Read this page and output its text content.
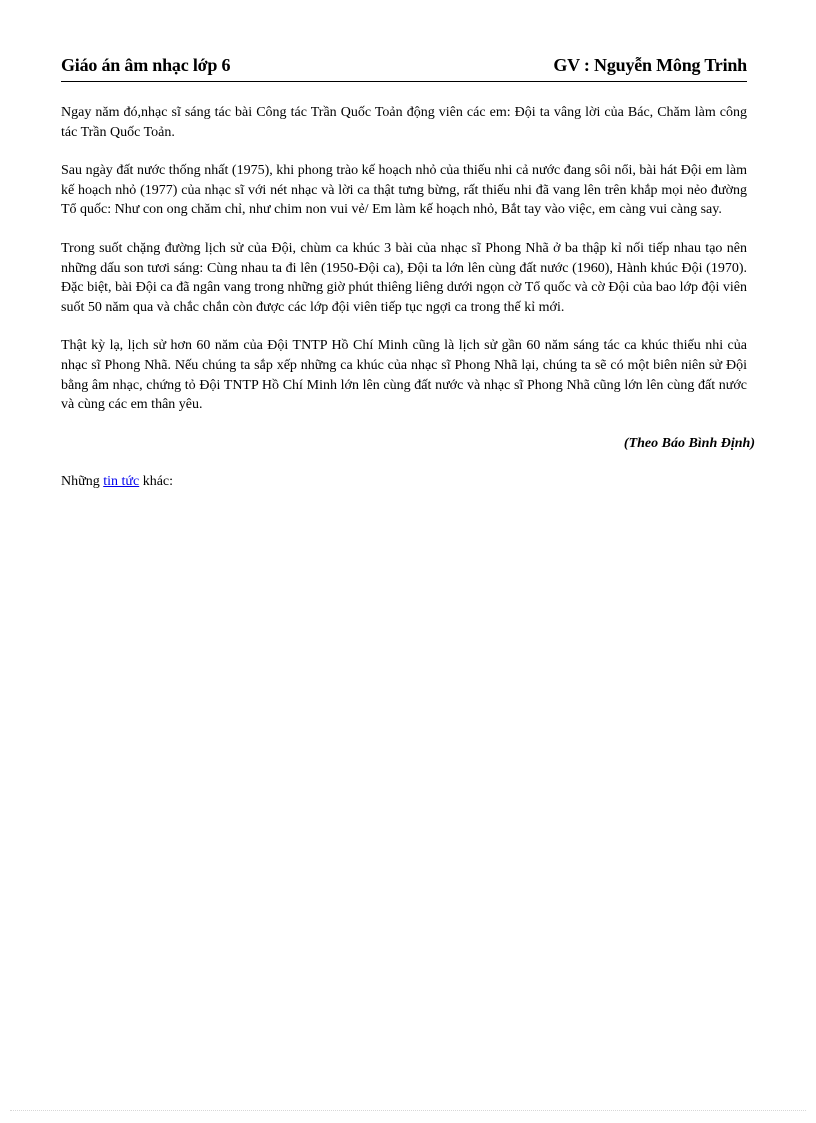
Giáo án âm nhạc lớp 6	GV : Nguyễn Mông Trinh

Ngay năm đó,nhạc sĩ sáng tác bài Công tác Trần Quốc Toản động viên các em: Đội ta vâng lời của Bác, Chăm làm công tác Trần Quốc Toản.

Sau ngày đất nước thống nhất (1975), khi phong trào kế hoạch nhỏ của thiếu nhi cả nước đang sôi nổi, bài hát Đội em làm kế hoạch nhỏ (1977) của nhạc sĩ với nét nhạc và lời ca thật tưng bừng, rất thiếu nhi đã vang lên trên khắp mọi nẻo đường Tổ quốc: Như con ong chăm chỉ, như chim non vui vẻ/ Em làm kế hoạch nhỏ, Bắt tay vào việc, em càng vui càng say.

Trong suốt chặng đường lịch sử của Đội, chùm ca khúc 3 bài của nhạc sĩ Phong Nhã ở ba thập kỉ nối tiếp nhau tạo nên những dấu son tươi sáng: Cùng nhau ta đi lên (1950-Đội ca), Đội ta lớn lên cùng đất nước (1960), Hành khúc Đội (1970). Đặc biệt, bài Đội ca đã ngân vang trong những giờ phút thiêng liêng dưới ngọn cờ Tổ quốc và cờ Đội của bao lớp đội viên suốt 50 năm qua và chắc chắn còn được các lớp đội viên tiếp tục ngợi ca trong thế kỉ mới.

Thật kỳ lạ, lịch sử hơn 60 năm của Đội TNTP Hồ Chí Minh cũng là lịch sử gần 60 năm sáng tác ca khúc thiếu nhi của nhạc sĩ Phong Nhã. Nếu chúng ta sắp xếp những ca khúc của nhạc sĩ Phong Nhã lại, chúng ta sẽ có một biên niên sử Đội bằng âm nhạc, chứng tỏ Đội TNTP Hồ Chí Minh lớn lên cùng đất nước và nhạc sĩ Phong Nhã cũng lớn lên cùng đất nước và cùng các em thân yêu.

(Theo Báo Bình Định)

Những tin tức khác:
